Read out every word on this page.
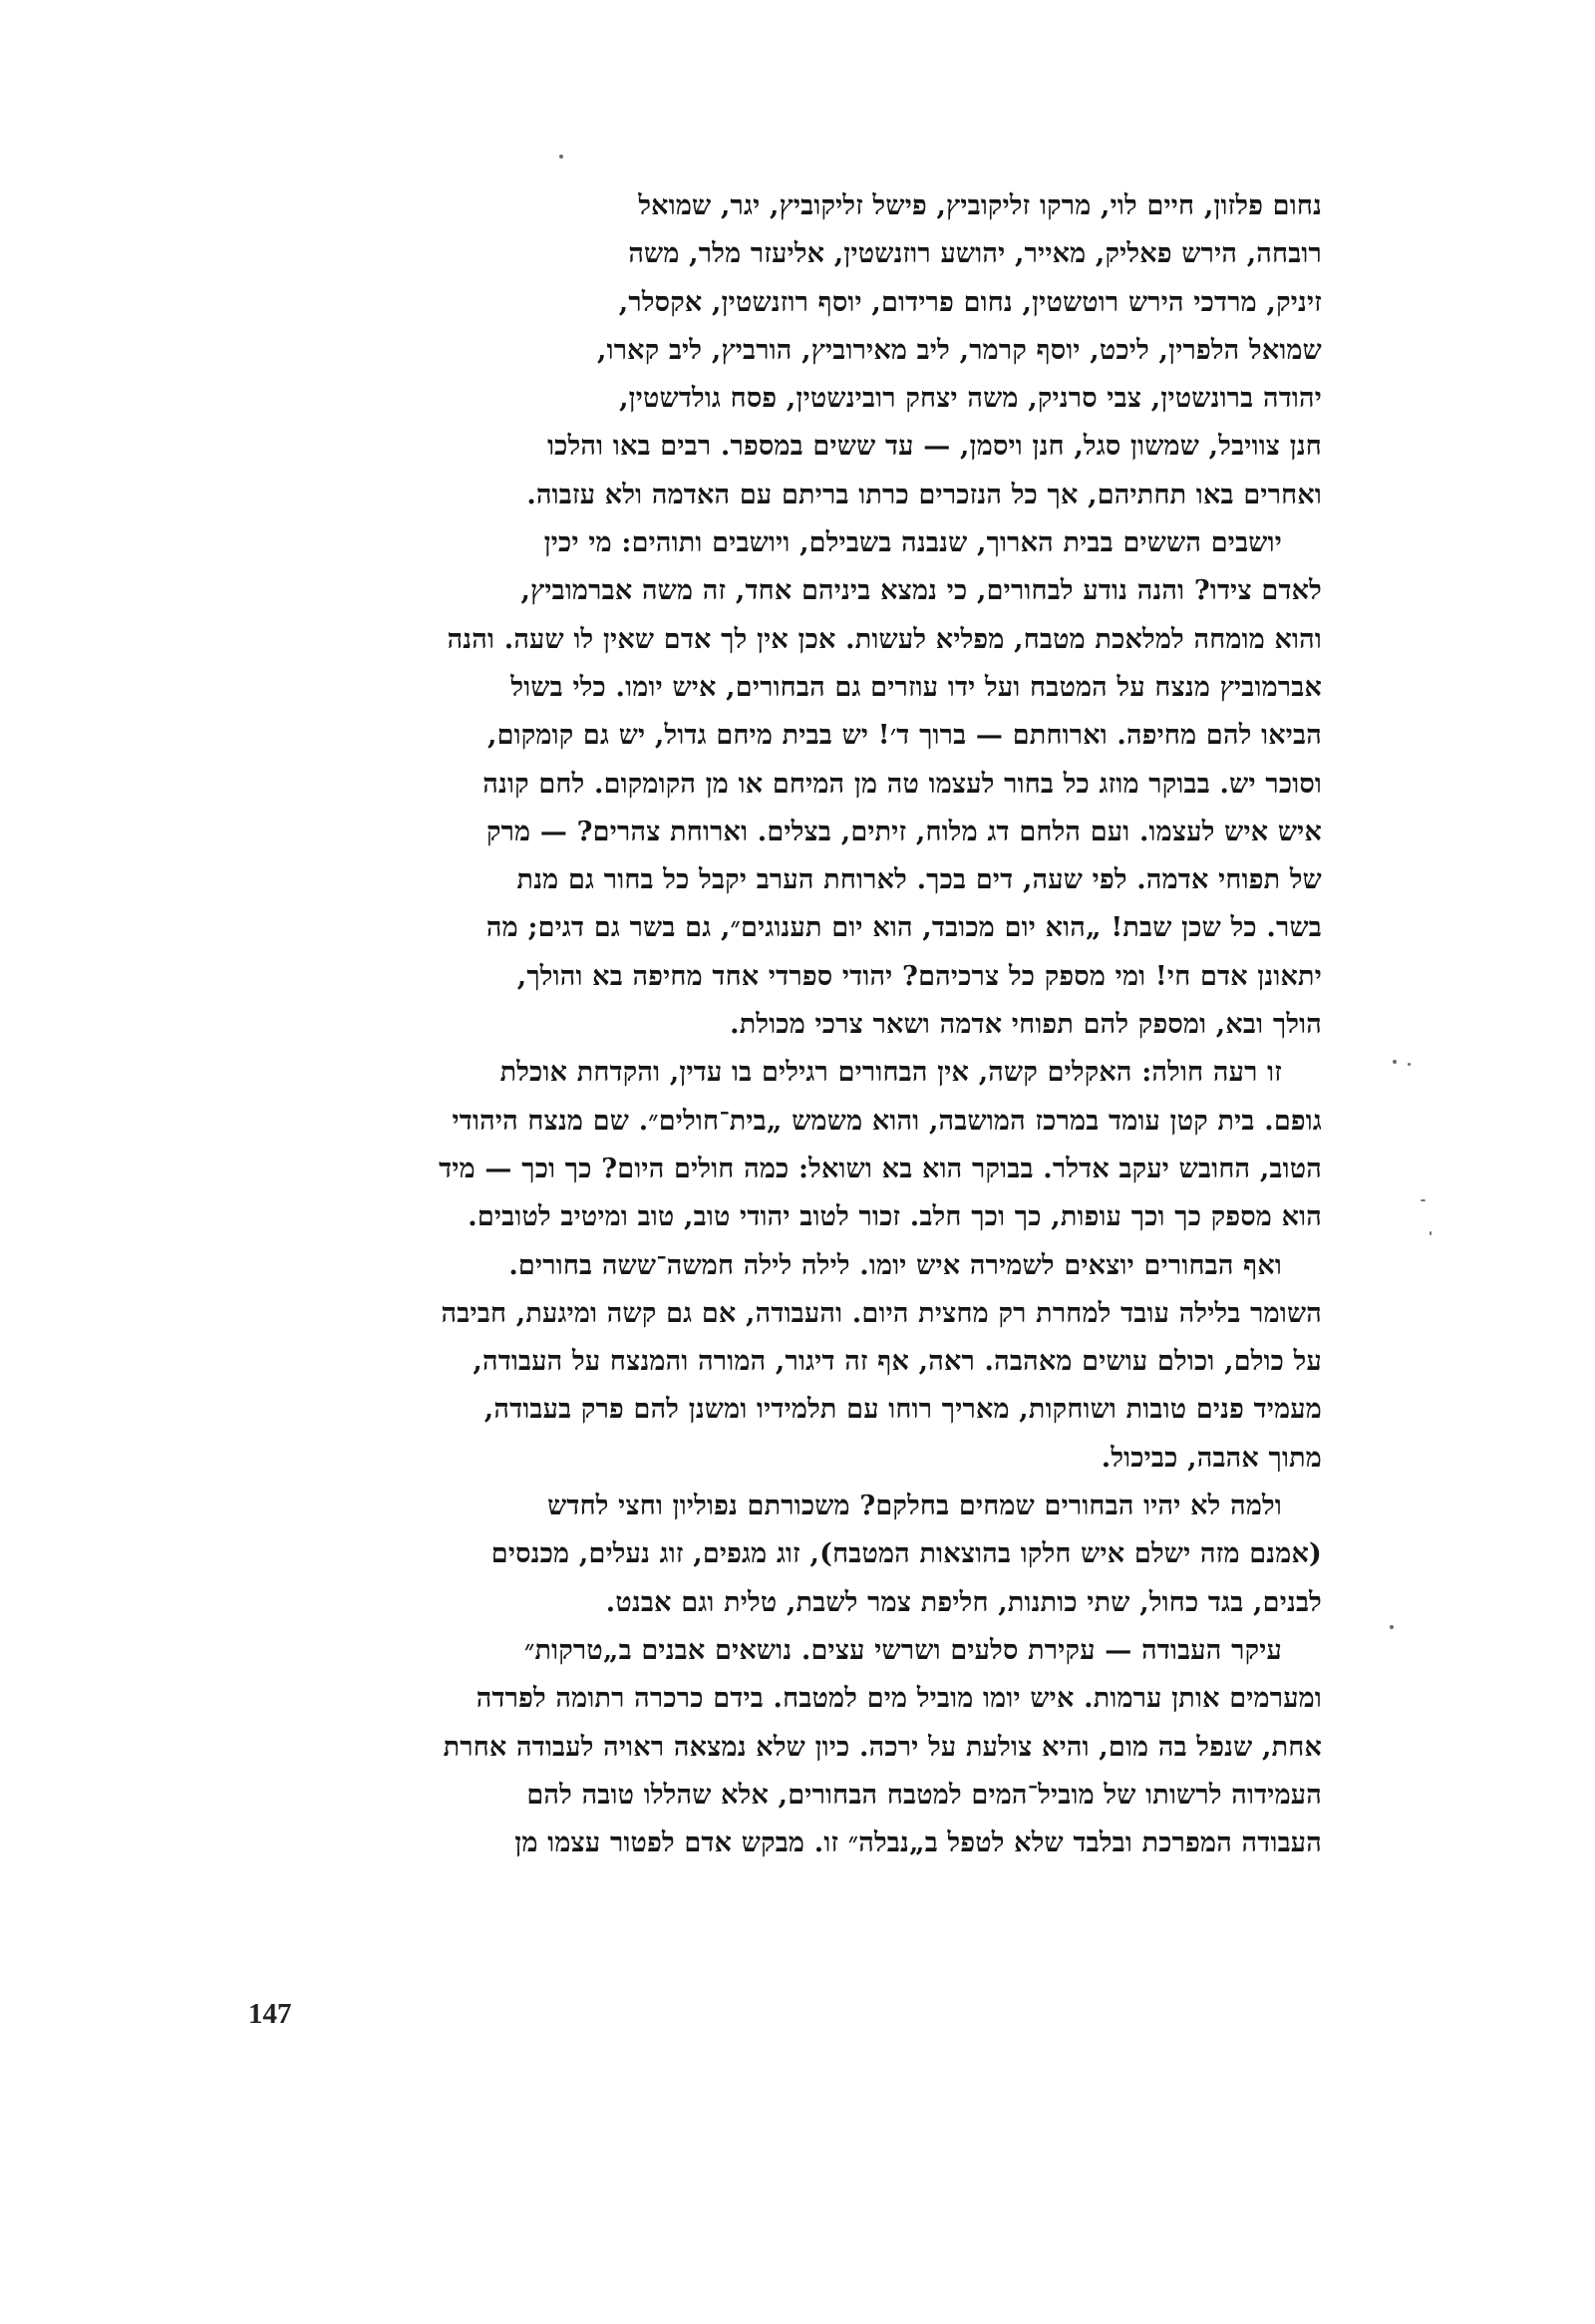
נחום פלזון, חיים לוי, מרקו זליקוביץ, פישל זליקוביץ, יגר, שמואל
רובחה, הירש פאליק, מאייר, יהושע רוזנשטין, אליעזר מלר, משה
זיניק, מרדכי הירש רוטשטין, נחום פרידום, יוסף רוזנשטין, אקסלר,
שמואל הלפרין, ליכט, יוסף קרמר, ליב מאירוביץ, הורביץ, ליב קארו,
יהודה ברונשטין, צבי סרניק, משה יצחק רובינשטין, פסח גולדשטין,
חנן צוויבל, שמשון סגל, חנן ויסמן, — עד ששים במספר. רבים באו והלכו
ואחרים באו תחתיהם, אך כל הנזכרים כרתו בריתם עם האדמה ולא עזבוה.

יושבים הששים בבית הארוך, שנבנה בשבילם, ויושבים ותוהים: מי יכין
לאדם צידו? והנה נודע לבחורים, כי נמצא ביניהם אחד, זה משה אברמוביץ,
והוא מומחה למלאכת מטבח, מפליא לעשות. אכן אין לך אדם שאין לו שעה. והנה
אברמוביץ מנצח על המטבח ועל ידו עוזרים גם הבחורים, איש יומו. כלי בשול
הביאו להם מחיפה. וארוחתם — ברוך ד׳! יש בבית מיחם גדול, יש גם קומקום,
וסוכר יש. בבוקר מוזג כל בחור לעצמו טה מן המיחם או מן הקומקום. לחם קונה
איש איש לעצמו. ועם הלחם דג מלוח, זיתים, בצלים. וארוחת צהרים? — מרק
של תפוחי אדמה. לפי שעה, דים בכך. לארוחת הערב יקבל כל בחור גם מנת
בשר. כל שכן שבת! „הוא יום מכובד, הוא יום תענוגים״, גם בשר גם דגים; מה
יתאונן אדם חי! ומי מספק כל צרכיהם? יהודי ספרדי אחד מחיפה בא והולך,
הולך ובא, ומספק להם תפוחי אדמה ושאר צרכי מכולת.

זו רעה חולה: האקלים קשה, אין הבחורים רגילים בו עדין, והקדחת אוכלת
גופם. בית קטן עומד במרכז המושבה, והוא משמש „בית־חולים״. שם מנצח היהודי
הטוב, החובש יעקב אדלר. בבוקר הוא בא ושואל: כמה חולים היום? כך וכך — מיד
הוא מספק כך וכך עופות, כך וכך חלב. זכור לטוב יהודי טוב, טוב ומיטיב לטובים.

ואף הבחורים יוצאים לשמירה איש יומו. לילה לילה חמשה־ששה בחורים.
השומר בלילה עובד למחרת רק מחצית היום. והעבודה, אם גם קשה ומיגעת, חביבה
על כולם, וכולם עושים מאהבה. ראה, אף זה דיגור, המורה והמנצח על העבודה,
מעמיד פנים טובות ושוחקות, מאריך רוחו עם תלמידיו ומשנן להם פרק בעבודה,
מתוך אהבה, כביכול.

ולמה לא יהיו הבחורים שמחים בחלקם? משכורתם נפוליון וחצי לחדש
(אמנם מזה ישלם איש חלקו בהוצאות המטבח), זוג מגפים, זוג נעלים, מכנסים
לבנים, בגד כחול, שתי כותנות, חליפת צמר לשבת, טלית וגם אבנט.

עיקר העבודה — עקירת סלעים ושרשי עצים. נושאים אבנים ב„טרקות״
ומערמים אותן ערמות. איש יומו מוביל מים למטבח. בידם כרכרה רתומה לפרדה
אחת, שנפל בה מום, והיא צולעת על ירכה. כיון שלא נמצאה ראויה לעבודה אחרת
העמידוה לרשותו של מוביל־המים למטבח הבחורים, אלא שהללו טובה להם
העבודה המפרכת ובלבד שלא לטפל ב„נבלה״ זו. מבקש אדם לפטור עצמו מן

147
